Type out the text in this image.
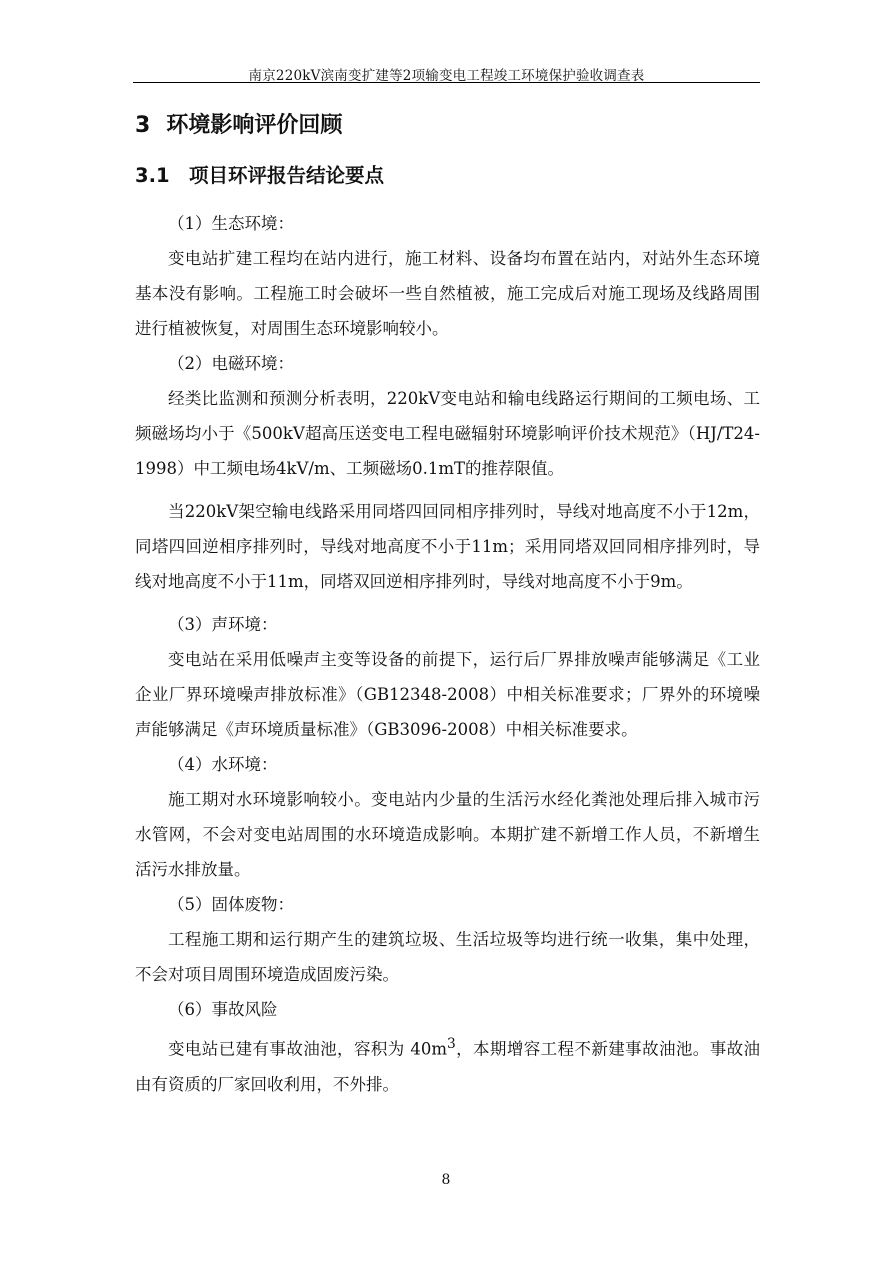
南京220kV滨南变扩建等2项输变电工程竣工环境保护验收调查表
3 环境影响评价回顾
3.1 项目环评报告结论要点

（1）生态环境：

变电站扩建工程均在站内进行，施工材料、设备均布置在站内，对站外生态环境基本没有影响。工程施工时会破坏一些自然植被，施工完成后对施工现场及线路周围进行植被恢复，对周围生态环境影响较小。

（2）电磁环境：

经类比监测和预测分析表明，220kV变电站和输电线路运行期间的工频电场、工频磁场均小于《500kV超高压送变电工程电磁辐射环境影响评价技术规范》（HJ/T24-1998）中工频电场4kV/m、工频磁场0.1mT的推荐限值。

当220kV架空输电线路采用同塔四回同相序排列时，导线对地高度不小于12m，同塔四回逆相序排列时，导线对地高度不小于11m；采用同塔双回同相序排列时，导线对地高度不小于11m，同塔双回逆相序排列时，导线对地高度不小于9m。

（3）声环境：

变电站在采用低噪声主变等设备的前提下，运行后厂界排放噪声能够满足《工业企业厂界环境噪声排放标准》（GB12348-2008）中相关标准要求；厂界外的环境噪声能够满足《声环境质量标准》（GB3096-2008）中相关标准要求。

（4）水环境：

施工期对水环境影响较小。变电站内少量的生活污水经化粪池处理后排入城市污水管网，不会对变电站周围的水环境造成影响。本期扩建不新增工作人员，不新增生活污水排放量。

（5）固体废物：

工程施工期和运行期产生的建筑垃圾、生活垃圾等均进行统一收集，集中处理，不会对项目周围环境造成固废污染。

（6）事故风险

变电站已建有事故油池，容积为 $40m^3$，本期增容工程不新建事故油池。事故油由有资质的厂家回收利用，不外排。

8
